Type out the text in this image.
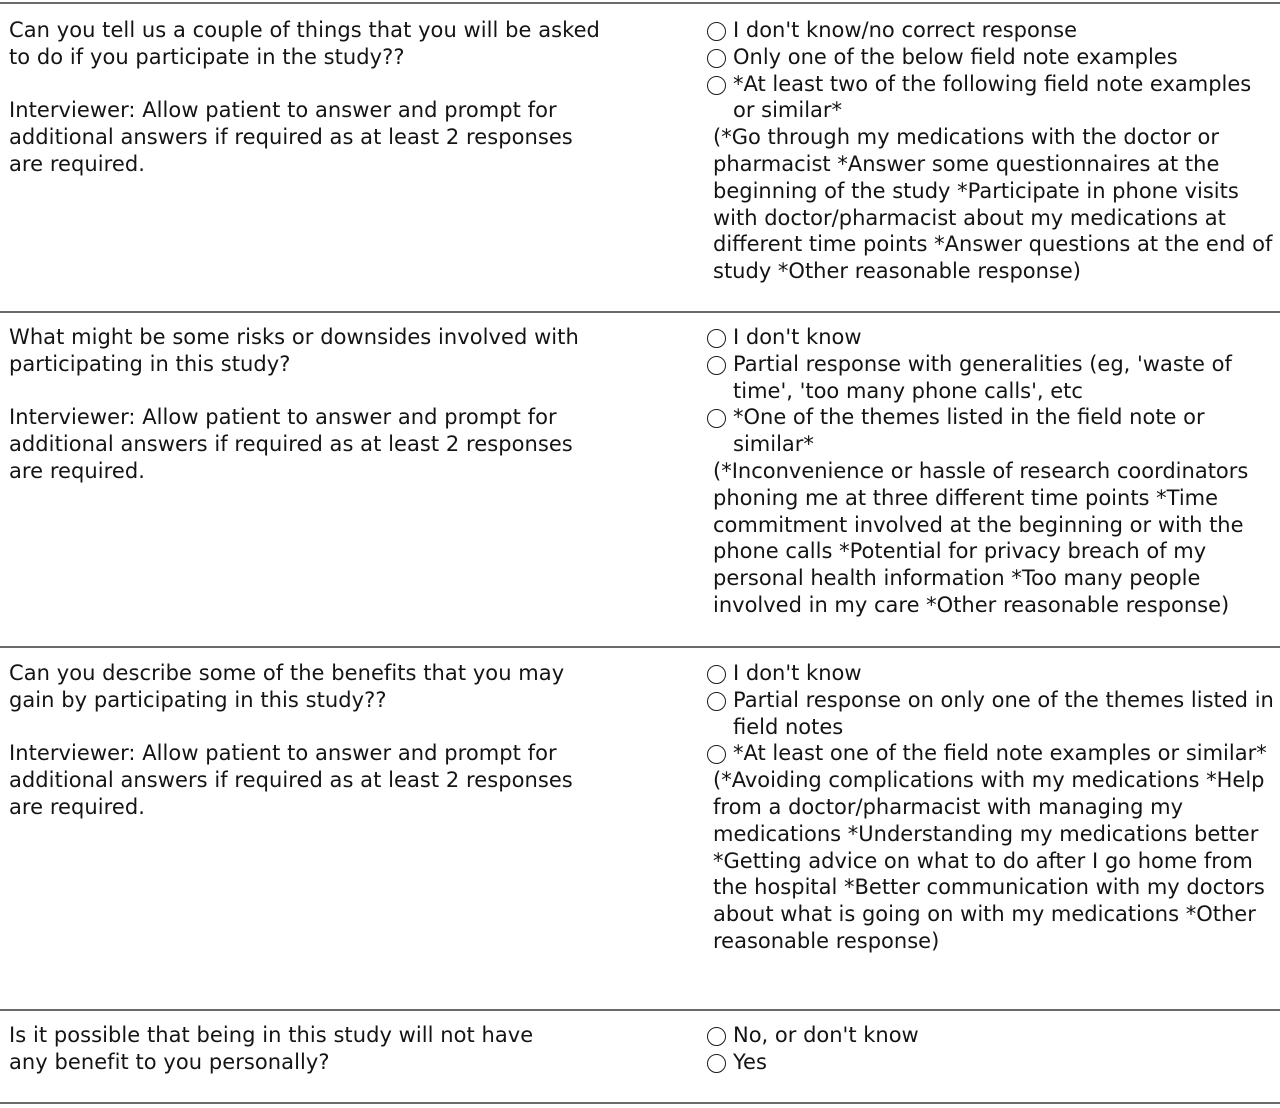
Can you tell us a couple of things that you will be asked to do if you participate in the study??

Interviewer: Allow patient to answer and prompt for additional answers if required as at least 2 responses are required.

I don't know/no correct response
Only one of the below field note examples
*At least two of the following field note examples or similar*

(*Go through my medications with the doctor or pharmacist *Answer some questionnaires at the beginning of the study *Participate in phone visits with doctor/pharmacist about my medications at different time points *Answer questions at the end of study *Other reasonable response)

What might be some risks or downsides involved with participating in this study?

Interviewer: Allow patient to answer and prompt for additional answers if required as at least 2 responses are required.

I don't know
Partial response with generalities (eg, 'waste of time', 'too many phone calls', etc
*One of the themes listed in the field note or similar*

(*Inconvenience or hassle of research coordinators phoning me at three different time points *Time commitment involved at the beginning or with the phone calls *Potential for privacy breach of my personal health information *Too many people involved in my care *Other reasonable response)

Can you describe some of the benefits that you may gain by participating in this study??

Interviewer: Allow patient to answer and prompt for additional answers if required as at least 2 responses are required.

I don't know
Partial response on only one of the themes listed in field notes
*At least one of the field note examples or similar*

(*Avoiding complications with my medications *Help from a doctor/pharmacist with managing my medications *Understanding my medications better *Getting advice on what to do after I go home from the hospital *Better communication with my doctors about what is going on with my medications *Other reasonable response)

Is it possible that being in this study will not have any benefit to you personally?

No, or don't know
Yes
